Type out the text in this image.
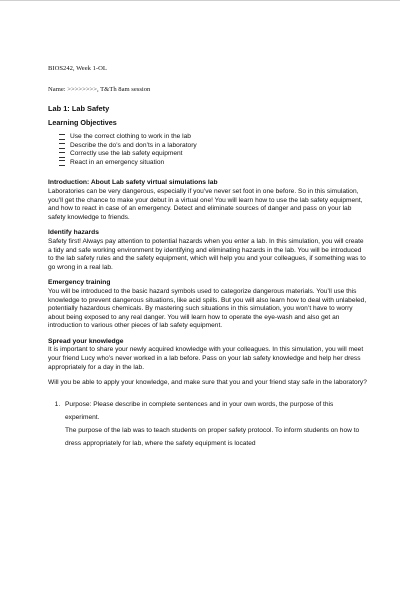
BIOS242, Week 1-OL
Name: >>>>>>>>, T&Th 8am session
Lab 1: Lab Safety
Learning Objectives
Use the correct clothing to work in the lab
Describe the do’s and don’ts in a laboratory
Correctly use the lab safety equipment
React in an emergency situation
Introduction: About Lab safety virtual simulations lab

Laboratories can be very dangerous, especially if you’ve never set foot in one before. So in this simulation, you’ll get the chance to make your debut in a virtual one! You will learn how to use the lab safety equipment, and how to react in case of an emergency. Detect and eliminate sources of danger and pass on your lab safety knowledge to friends.

Identify hazards

Safety first! Always pay attention to potential hazards when you enter a lab. In this simulation, you will create a tidy and safe working environment by identifying and eliminating hazards in the lab. You will be introduced to the lab safety rules and the safety equipment, which will help you and your colleagues, if something was to go wrong in a real lab.

Emergency training

You will be introduced to the basic hazard symbols used to categorize dangerous materials. You’ll use this knowledge to prevent dangerous situations, like acid spills. But you will also learn how to deal with unlabeled, potentially hazardous chemicals. By mastering such situations in this simulation, you won’t have to worry about being exposed to any real danger. You will learn how to operate the eye-wash and also get an introduction to various other pieces of lab safety equipment.

Spread your knowledge

It is important to share your newly acquired knowledge with your colleagues. In this simulation, you will meet your friend Lucy who’s never worked in a lab before. Pass on your lab safety knowledge and help her dress appropriately for a day in the lab.

Will you be able to apply your knowledge, and make sure that you and your friend stay safe in the laboratory?

1. Purpose: Please describe in complete sentences and in your own words, the purpose of this experiment.
The purpose of the lab was to teach students on proper safety protocol. To inform students on how to dress appropriately for lab, where the safety equipment is located
